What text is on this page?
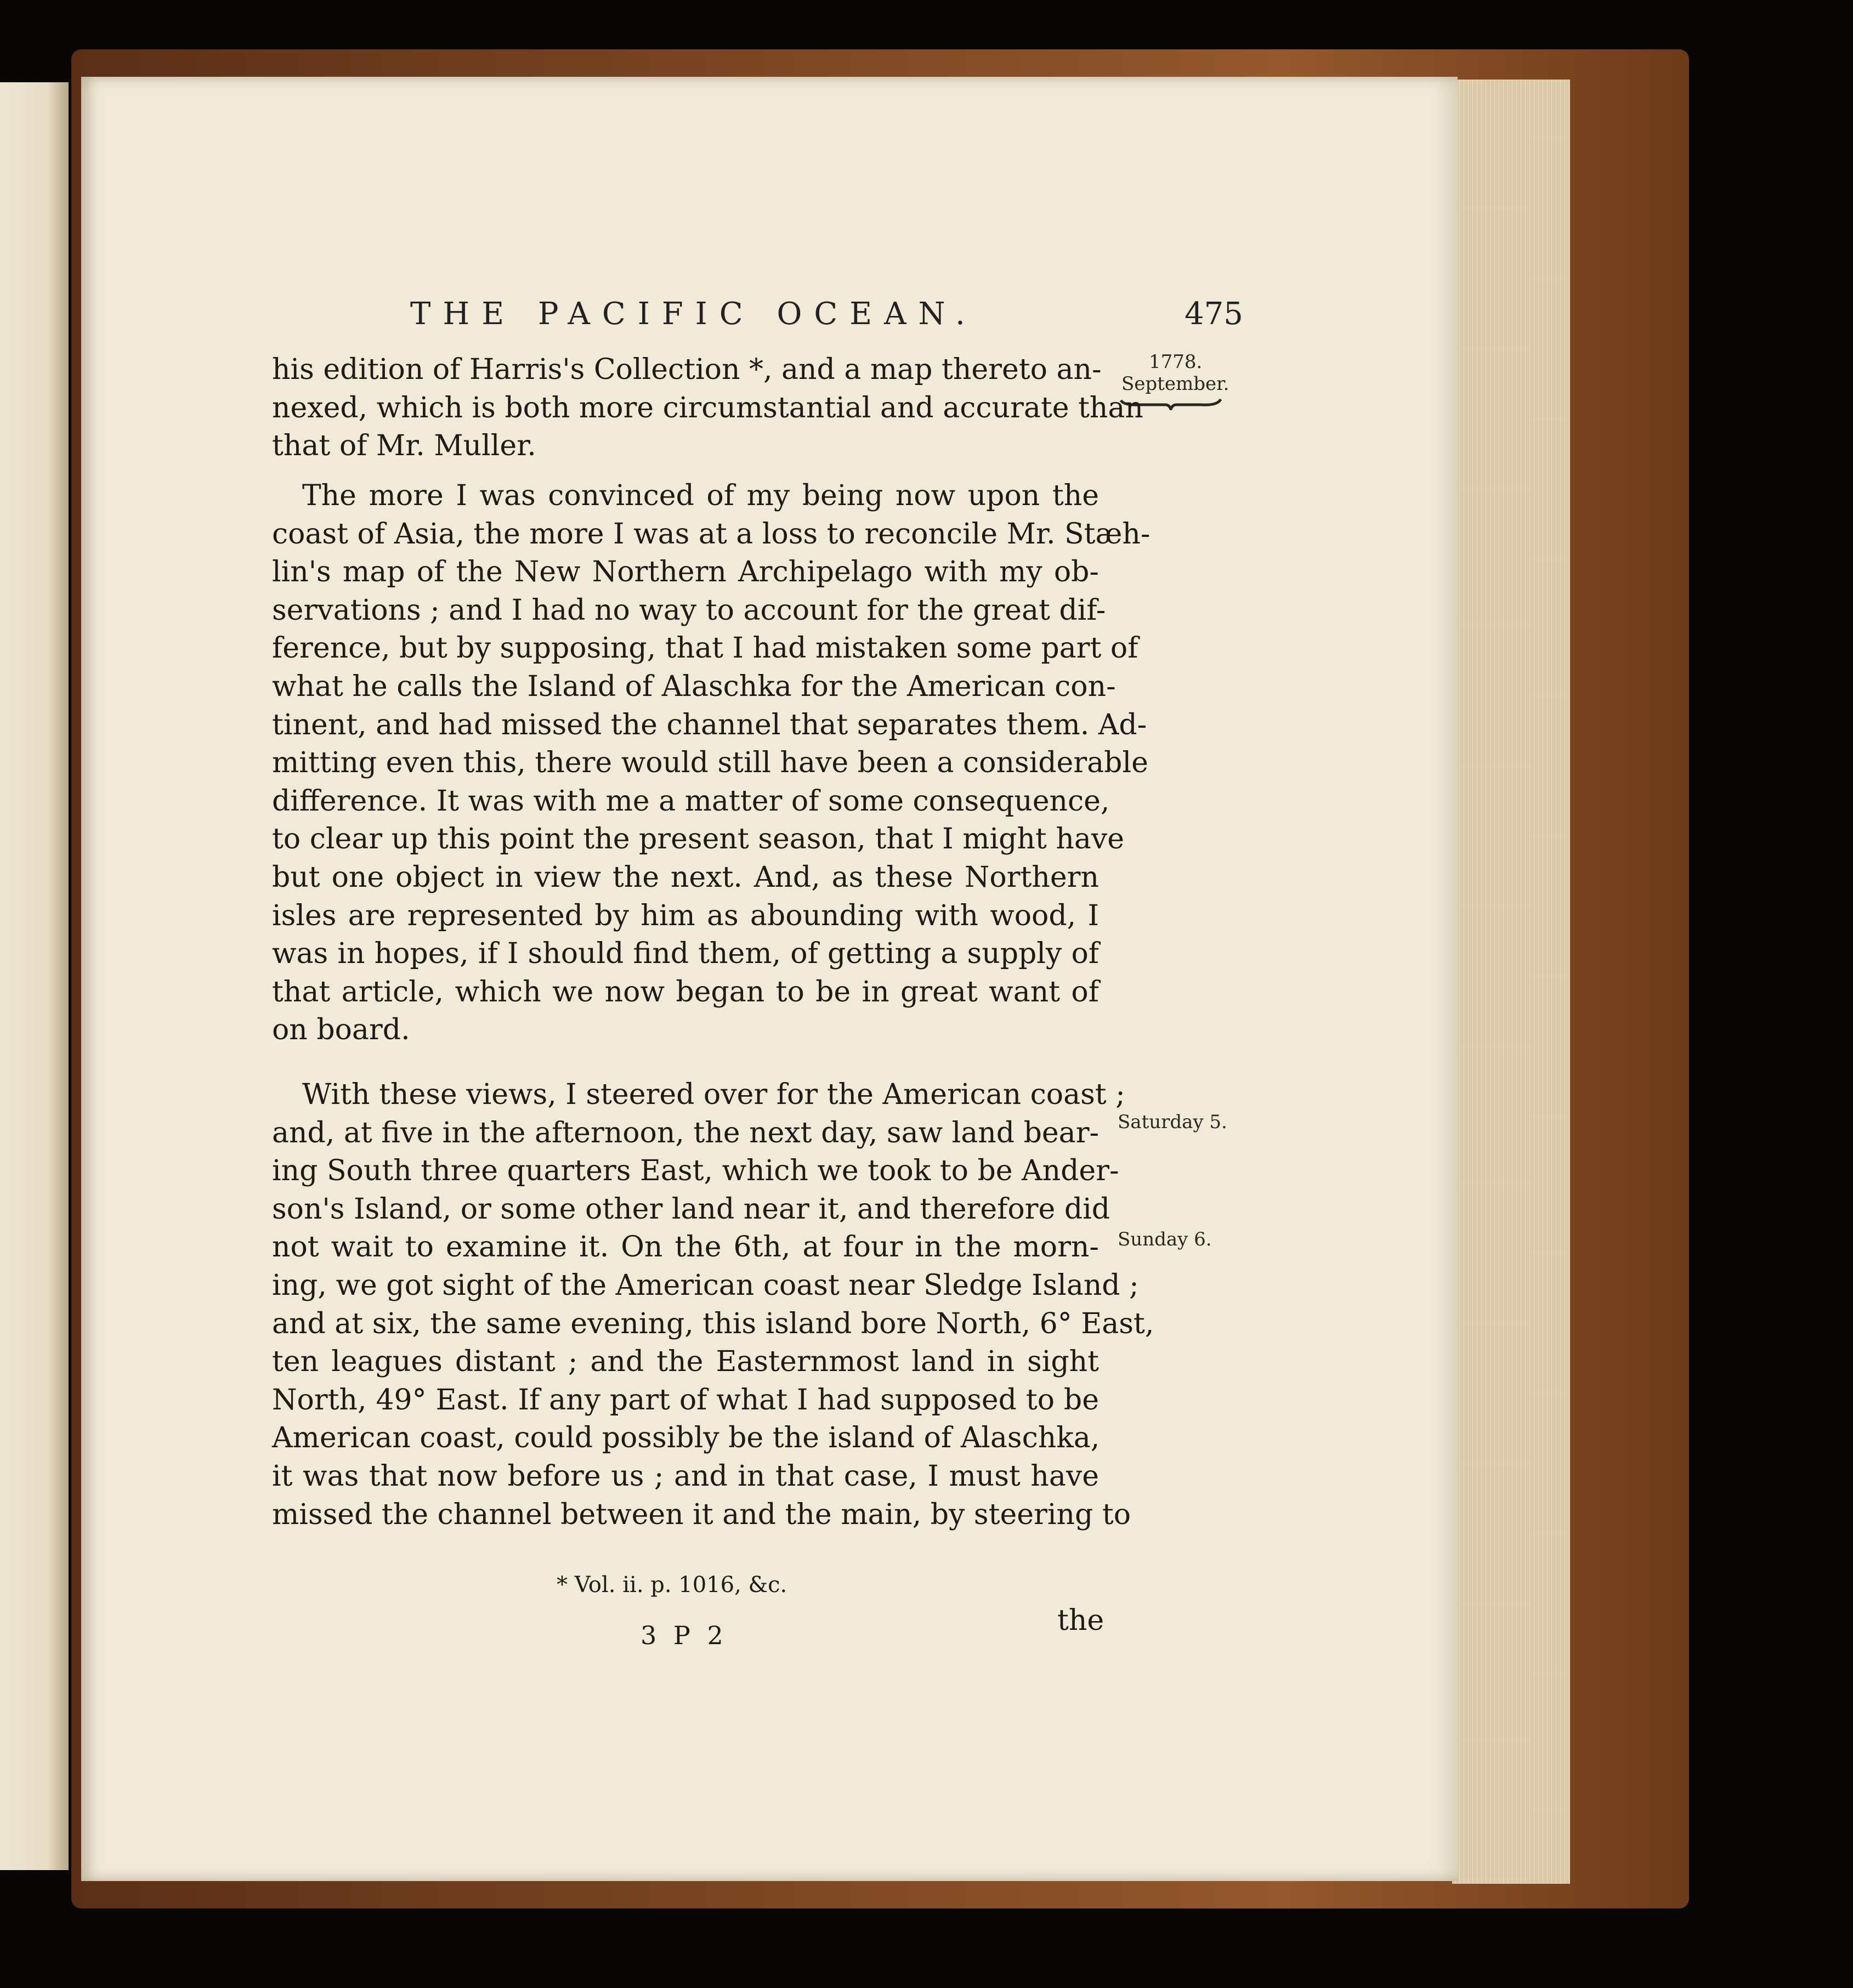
THE PACIFIC OCEAN.	475
1778.
September.
Saturday 5.
Sunday 6.
his edition of Harris's Collection *, and a map thereto an-
nexed, which is both more circumstantial and accurate than
that of Mr. Muller.
The more I was convinced of my being now upon the
coast of Asia, the more I was at a loss to reconcile Mr. Stæh-
lin's map of the New Northern Archipelago with my ob-
servations ; and I had no way to account for the great dif-
ference, but by supposing, that I had mistaken some part of
what he calls the Island of Alaschka for the American con-
tinent, and had missed the channel that separates them. Ad-
mitting even this, there would still have been a considerable
difference. It was with me a matter of some consequence,
to clear up this point the present season, that I might have
but one object in view the next. And, as these Northern
isles are represented by him as abounding with wood, I
was in hopes, if I should find them, of getting a supply of
that article, which we now began to be in great want of
on board.
With these views, I steered over for the American coast ;
and, at five in the afternoon, the next day, saw land bear-
ing South three quarters East, which we took to be Ander-
son's Island, or some other land near it, and therefore did
not wait to examine it. On the 6th, at four in the morn-
ing, we got sight of the American coast near Sledge Island ;
and at six, the same evening, this island bore North, 6° East,
ten leagues distant ; and the Easternmost land in sight
North, 49° East. If any part of what I had supposed to be
American coast, could possibly be the island of Alaschka,
it was that now before us ; and in that case, I must have
missed the channel between it and the main, by steering to
* Vol. ii. p. 1016, &c.
3 P 2	the
